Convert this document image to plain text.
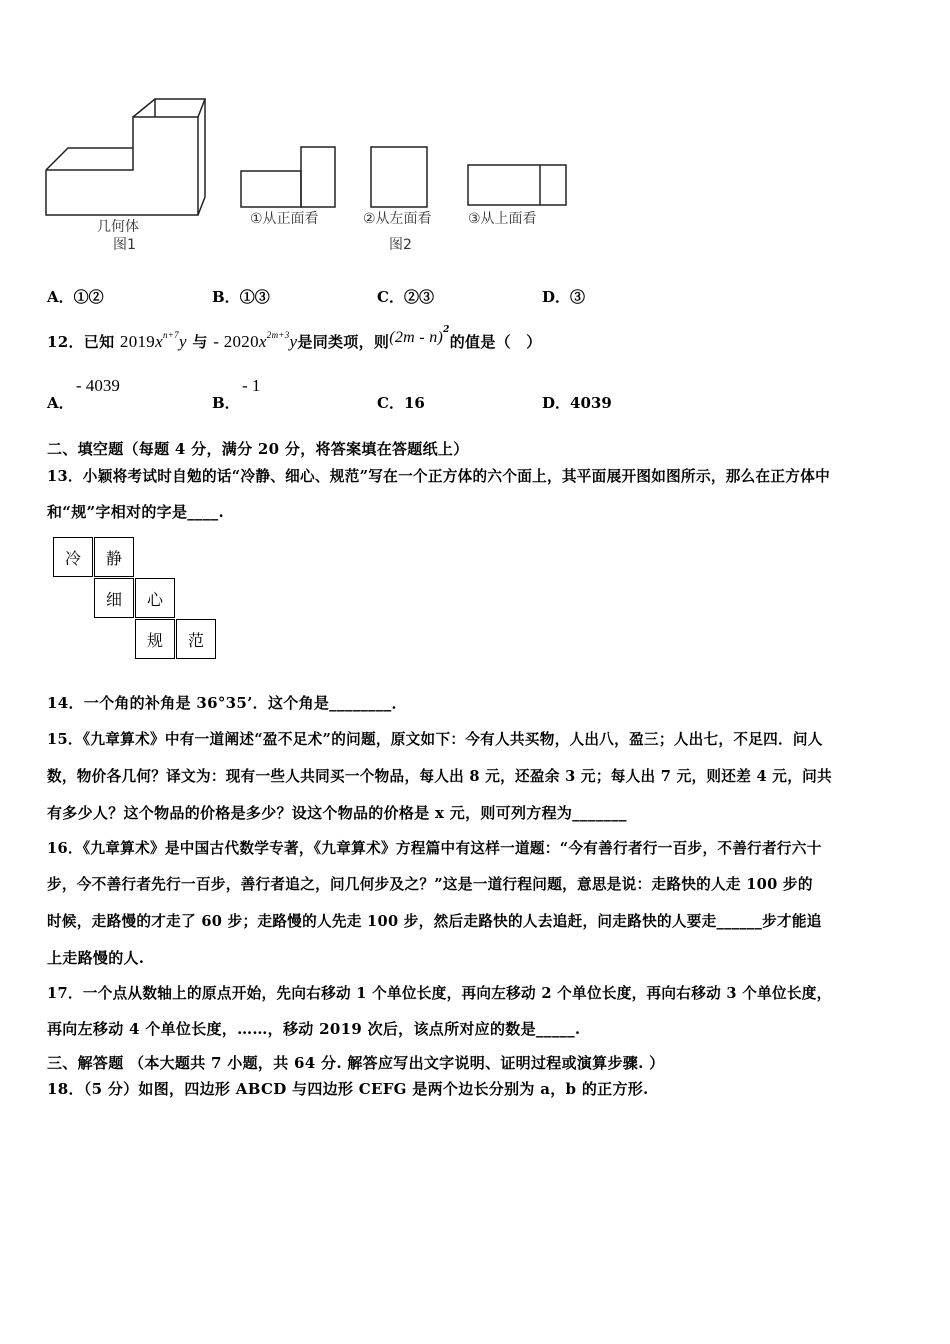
几何体
图1
①从正面看	②从左面看	③从上面看
图2
A．①②	B．①③	C．②③	D．③
12．已知 $2019x^{n+7}y$ 与 - $2020x^{2m+3}y$是同类项，则(2m - n)$^2$的值是（　）
A．
- 4039
B．
- 1
C．16	D．4039
二、填空题（每题 4 分，满分 20 分，将答案填在答题纸上）
13．小颖将考试时自勉的话“冷静、细心、规范”写在一个正方体的六个面上，其平面展开图如图所示，那么在正方体中
和“规”字相对的字是____.
冷	静
细	心
规	范
14．一个角的补角是 36°35’．这个角是________．
15．《九章算术》中有一道阐述“盈不足术”的问题，原文如下：今有人共买物，人出八，盈三；人出七，不足四．问人
数，物价各几何？译文为：现有一些人共同买一个物品，每人出 8 元，还盈余 3 元；每人出 7 元，则还差 4 元，问共
有多少人？这个物品的价格是多少？设这个物品的价格是 x 元，则可列方程为_______
16．《九章算术》是中国古代数学专著，《九章算术》方程篇中有这样一道题：“今有善行者行一百步，不善行者行六十
步，今不善行者先行一百步，善行者追之，问几何步及之？”这是一道行程问题，意思是说：走路快的人走 100 步的
时候，走路慢的才走了 60 步；走路慢的人先走 100 步，然后走路快的人去追赶，问走路快的人要走______步才能追
上走路慢的人.
17．一个点从数轴上的原点开始，先向右移动 1 个单位长度，再向左移动 2 个单位长度，再向右移动 3 个单位长度，
再向左移动 4 个单位长度，……，移动 2019 次后，该点所对应的数是_____.
三、解答题 （本大题共 7 小题，共 64 分. 解答应写出文字说明、证明过程或演算步骤. ）
18．（5 分）如图，四边形 ABCD 与四边形 CEFG 是两个边长分别为 a，b 的正方形.
